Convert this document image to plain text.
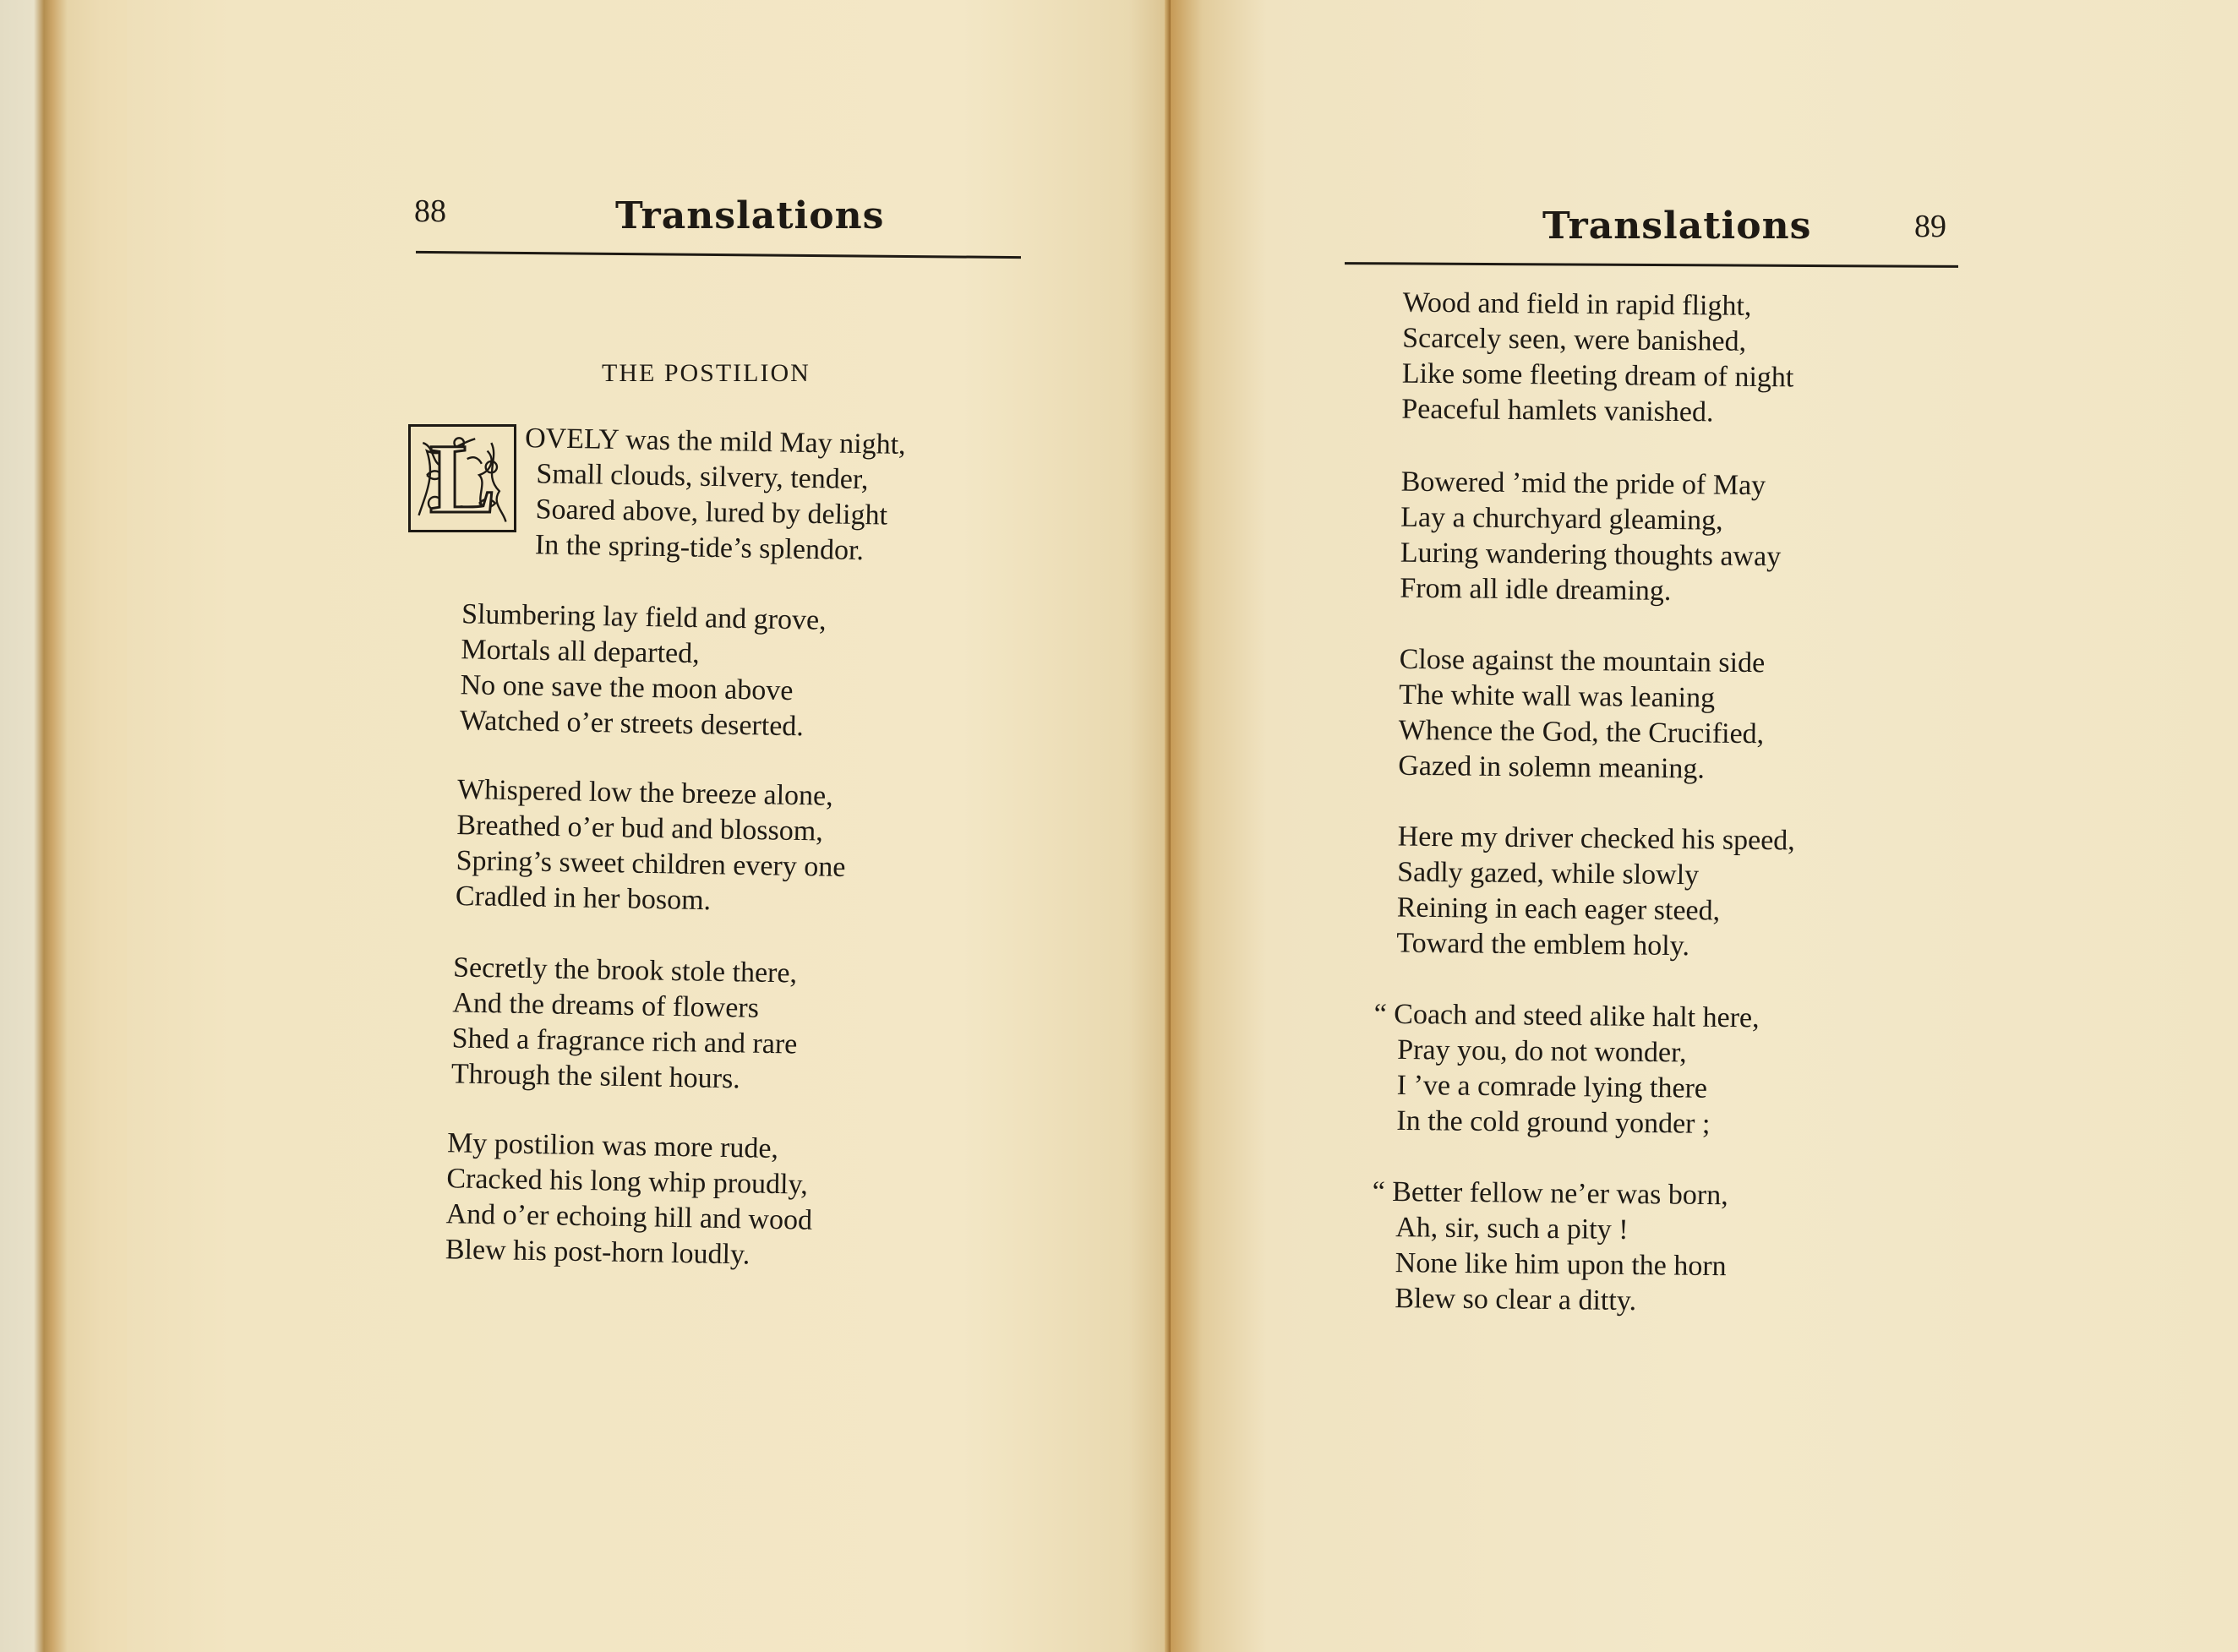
88	Translations
THE POSTILION
L OVELY was the mild May night,
Small clouds, silvery, tender,
Soared above, lured by delight
In the spring-tide’s splendor.
Slumbering lay field and grove,
Mortals all departed,
No one save the moon above
Watched o’er streets deserted.
Whispered low the breeze alone,
Breathed o’er bud and blossom,
Spring’s sweet children every one
Cradled in her bosom.
Secretly the brook stole there,
And the dreams of flowers
Shed a fragrance rich and rare
Through the silent hours.
My postilion was more rude,
Cracked his long whip proudly,
And o’er echoing hill and wood
Blew his post-horn loudly.
Translations	89
Wood and field in rapid flight,
Scarcely seen, were banished,
Like some fleeting dream of night
Peaceful hamlets vanished.
Bowered ’mid the pride of May
Lay a churchyard gleaming,
Luring wandering thoughts away
From all idle dreaming.
Close against the mountain side
The white wall was leaning
Whence the God, the Crucified,
Gazed in solemn meaning.
Here my driver checked his speed,
Sadly gazed, while slowly
Reining in each eager steed,
Toward the emblem holy.
“ Coach and steed alike halt here,
Pray you, do not wonder,
I ’ve a comrade lying there
In the cold ground yonder ;
“ Better fellow ne’er was born,
Ah, sir, such a pity !
None like him upon the horn
Blew so clear a ditty.
